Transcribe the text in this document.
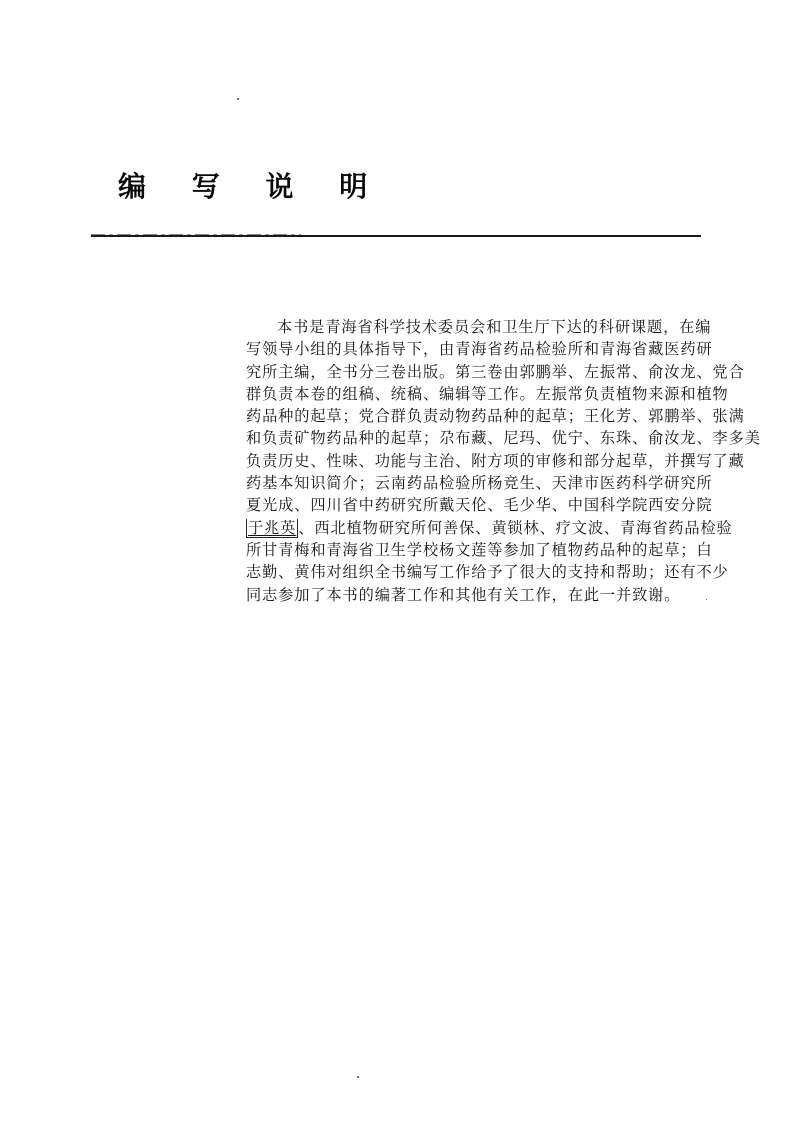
编 写 说 明
本书是青海省科学技术委员会和卫生厅下达的科研课题，在编
写领导小组的具体指导下，由青海省药品检验所和青海省藏医药研
究所主编，全书分三卷出版。第三卷由郭鹏举、左振常、俞汝龙、党合
群负责本卷的组稿、统稿、编辑等工作。左振常负责植物来源和植物
药品种的起草；党合群负责动物药品种的起草；王化芳、郭鹏举、张满
和负责矿物药品种的起草；尕布藏、尼玛、优宁、东珠、俞汝龙、李多美
负责历史、性味、功能与主治、附方项的审修和部分起草，并撰写了藏
药基本知识简介；云南药品检验所杨竞生、天津市医药科学研究所
夏光成、四川省中药研究所戴天伦、毛少华、中国科学院西安分院
于兆英 、西北植物研究所何善保、黄锁林、疗文波、青海省药品检验
所甘青梅和青海省卫生学校杨文莲等参加了植物药品种的起草；白
志勤、黄伟对组织全书编写工作给予了很大的支持和帮助；还有不少
同志参加了本书的编著工作和其他有关工作，在此一并致谢。
